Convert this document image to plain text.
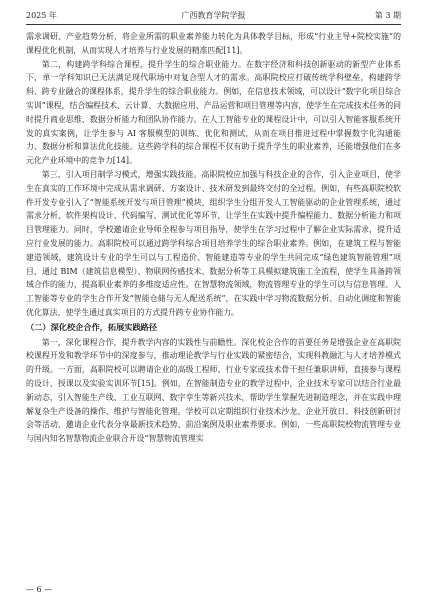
2025 年	广西教育学院学报	第 3 期

需求调研、产业趋势分析，将企业所需的职业素养能力转化为具体教学目标，形成“行业主导+院校实施”的课程优化机制，从而实现人才培养与行业发展的精准匹配[11]。

第二，构建跨学科综合课程，提升学生的综合职业能力。在数字经济和科技创新驱动的新型产业体系下，单一学科知识已无法满足现代职场中对复合型人才的需求。高职院校应打破传统学科壁垒，构建跨学科、跨专业融合的课程体系，提升学生的综合职业能力。例如，在信息技术领域，可以设计“数字化项目综合实训”课程，结合编程技术、云计算、大数据应用、产品运营和项目管理等内容，使学生在完成技术任务的同时提升商业思维、数据分析能力和团队协作能力。在人工智能专业的课程设计中，可以引入智能客服系统开发的真实案例，让学生参与 AI 客服模型的训练、优化和测试，从而在项目推进过程中掌握数字化沟通能力、数据分析和算法优化技能。这些跨学科的综合课程不仅有助于提升学生的职业素养，还能增强他们在多元化产业环境中的竞争力[14]。

第三，引入项目制学习模式，增强实践技能。高职院校应加强与科技企业的合作，引入企业项目，使学生在真实的工作环境中完成从需求调研、方案设计、技术研发到最终交付的全过程。例如，有些高职院校软件开发专业引入了“智能系统开发与项目管理”模块，组织学生分组开发人工智能驱动的企业管理系统，通过需求分析、软件架构设计、代码编写、测试优化等环节，让学生在实践中提升编程能力、数据分析能力和项目管理能力。同时，学校邀请企业导师全程参与项目指导，使学生在学习过程中了解企业实际需求，提升适应行业发展的能力。高职院校可以通过跨学科综合项目培养学生的综合职业素养。例如，在建筑工程与智能建造领域，建筑设计专业的学生可以与工程造价、智能建造等专业的学生共同完成“绿色建筑智能管理”项目，通过 BIM（建筑信息模型）、物联网传感技术、数据分析等工具模拟建筑施工全流程，使学生具备跨领域合作的能力，提高职业素养的多维度适应性。在智慧物流领域，物流管理专业的学生可以与信息管理、人工智能等专业的学生合作开发“智能仓储与无人配送系统”，在实践中学习物流数据分析、自动化调度和智能优化算法，使学生通过真实项目的方式提升跨专业协作能力。

（二）深化校企合作，拓展实践路径

第一，深化课程合作，提升教学内容的实践性与前瞻性。深化校企合作的首要任务是增强企业在高职院校课程开发和教学环节中的深度参与，推动理论教学与行业实践的紧密结合，实现科教融汇与人才培养模式的升级。一方面，高职院校可以聘请企业的高级工程师、行业专家或技术骨干担任兼职讲师，直接参与课程的设计、授课以及实验实训环节[15]。例如，在智能制造专业的教学过程中，企业技术专家可以结合行业最新动态，引入智能生产线、工业互联网、数字孪生等新兴技术，帮助学生掌握先进制造理念，并在实践中理解复杂生产设备的操作、维护与智能化管理。学校可以定期组织行业技术沙龙、企业开放日、科技创新研讨会等活动，邀请企业代表分享最新技术趋势、前沿案例及职业素养要求。例如，一些高职院校物流管理专业与国内知名智慧物流企业联合开设“智慧物流管理实

— 6 —
